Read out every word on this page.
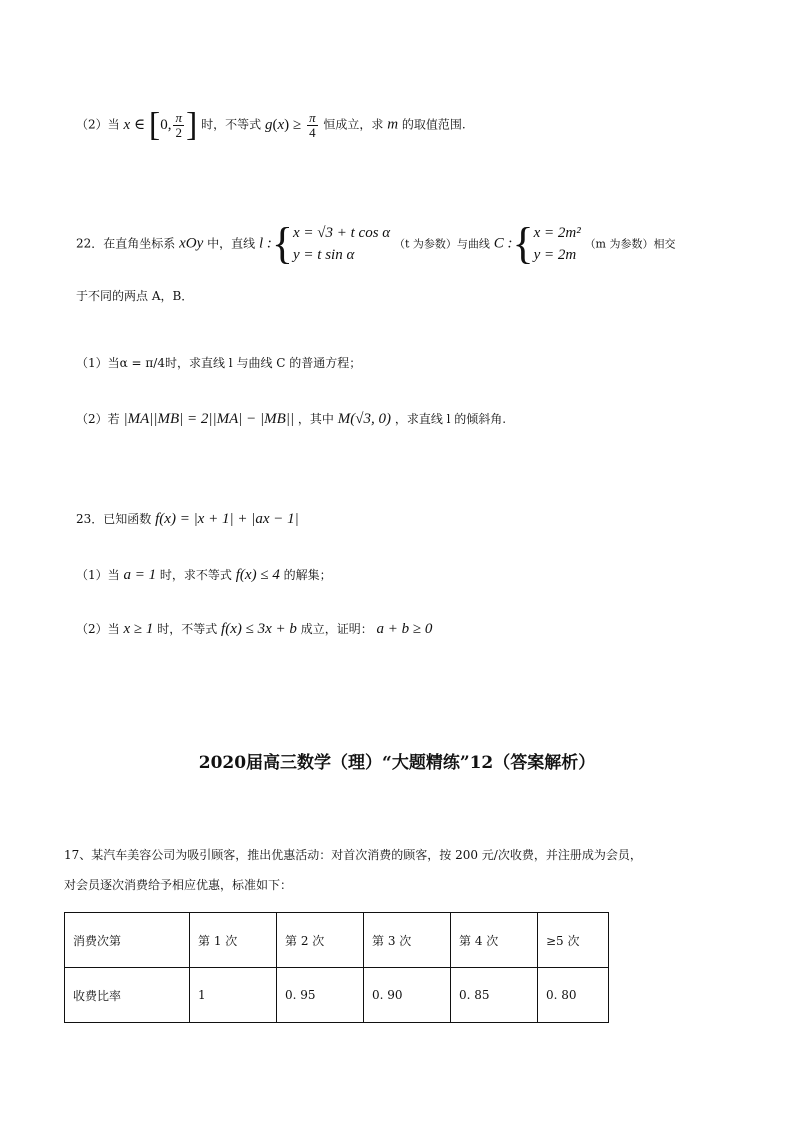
（2）当 x ∈ [0, $\frac{\pi}{2}$ ] 时，不等式 $g(x) \ge \frac{\pi}{4}$ 恒成立，求 m 的取值范围.
22．在直角坐标系 xOy 中，直线 l :{ x = √3 + t cos α
y = t sin α
（t 为参数）与曲线 C :{ x = 2m²
y = 2m
（m 为参数）相交
于不同的两点 A，B．
（1）当α = π/4时，求直线 l 与曲线 C 的普通方程；
（2）若 |MA||MB| = 2||MA| − |MB|| ，其中 M(√3, 0) ，求直线 l 的倾斜角.
23．已知函数 f(x) = |x + 1| + |ax − 1|
（1）当 a = 1 时，求不等式 f(x) ≤ 4 的解集；
（2）当 x ≥ 1 时，不等式 f(x) ≤ 3x + b 成立，证明： a + b ≥ 0
2020届高三数学（理）“大题精练”12（答案解析）
17、某汽车美容公司为吸引顾客，推出优惠活动：对首次消费的顾客，按 200 元/次收费，并注册成为会员，
对会员逐次消费给予相应优惠，标准如下：
消费次第	第 1 次	第 2 次	第 3 次	第 4 次	≥5 次
收费比率	1	0. 95	0. 90	0. 85	0. 80
